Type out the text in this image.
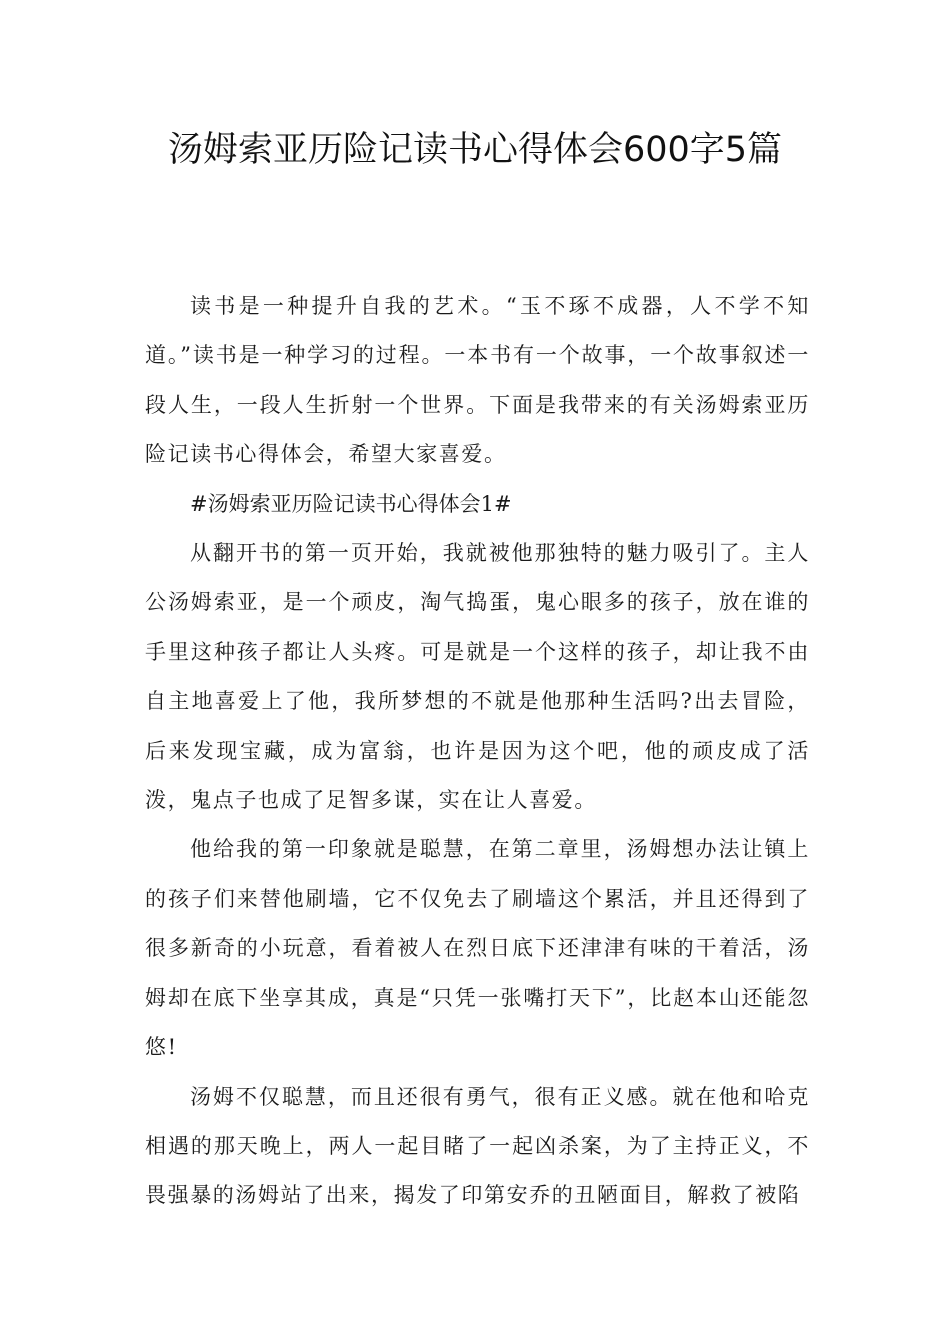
汤姆索亚历险记读书心得体会600字5篇

读书是一种提升自我的艺术。“玉不琢不成器，人不学不知道。”读书是一种学习的过程。一本书有一个故事，一个故事叙述一段人生，一段人生折射一个世界。下面是我带来的有关汤姆索亚历险记读书心得体会，希望大家喜爱。

#汤姆索亚历险记读书心得体会1#

从翻开书的第一页开始，我就被他那独特的魅力吸引了。主人公汤姆索亚，是一个顽皮，淘气捣蛋，鬼心眼多的孩子，放在谁的手里这种孩子都让人头疼。可是就是一个这样的孩子，却让我不由自主地喜爱上了他，我所梦想的不就是他那种生活吗?出去冒险，后来发现宝藏，成为富翁，也许是因为这个吧，他的顽皮成了活泼，鬼点子也成了足智多谋，实在让人喜爱。

他给我的第一印象就是聪慧，在第二章里，汤姆想办法让镇上的孩子们来替他刷墙，它不仅免去了刷墙这个累活，并且还得到了很多新奇的小玩意，看着被人在烈日底下还津津有味的干着活，汤姆却在底下坐享其成，真是“只凭一张嘴打天下”，比赵本山还能忽悠!

汤姆不仅聪慧，而且还很有勇气，很有正义感。就在他和哈克相遇的那天晚上，两人一起目睹了一起凶杀案，为了主持正义，不畏强暴的汤姆站了出来，揭发了印第安乔的丑陋面目，解救了被陷
